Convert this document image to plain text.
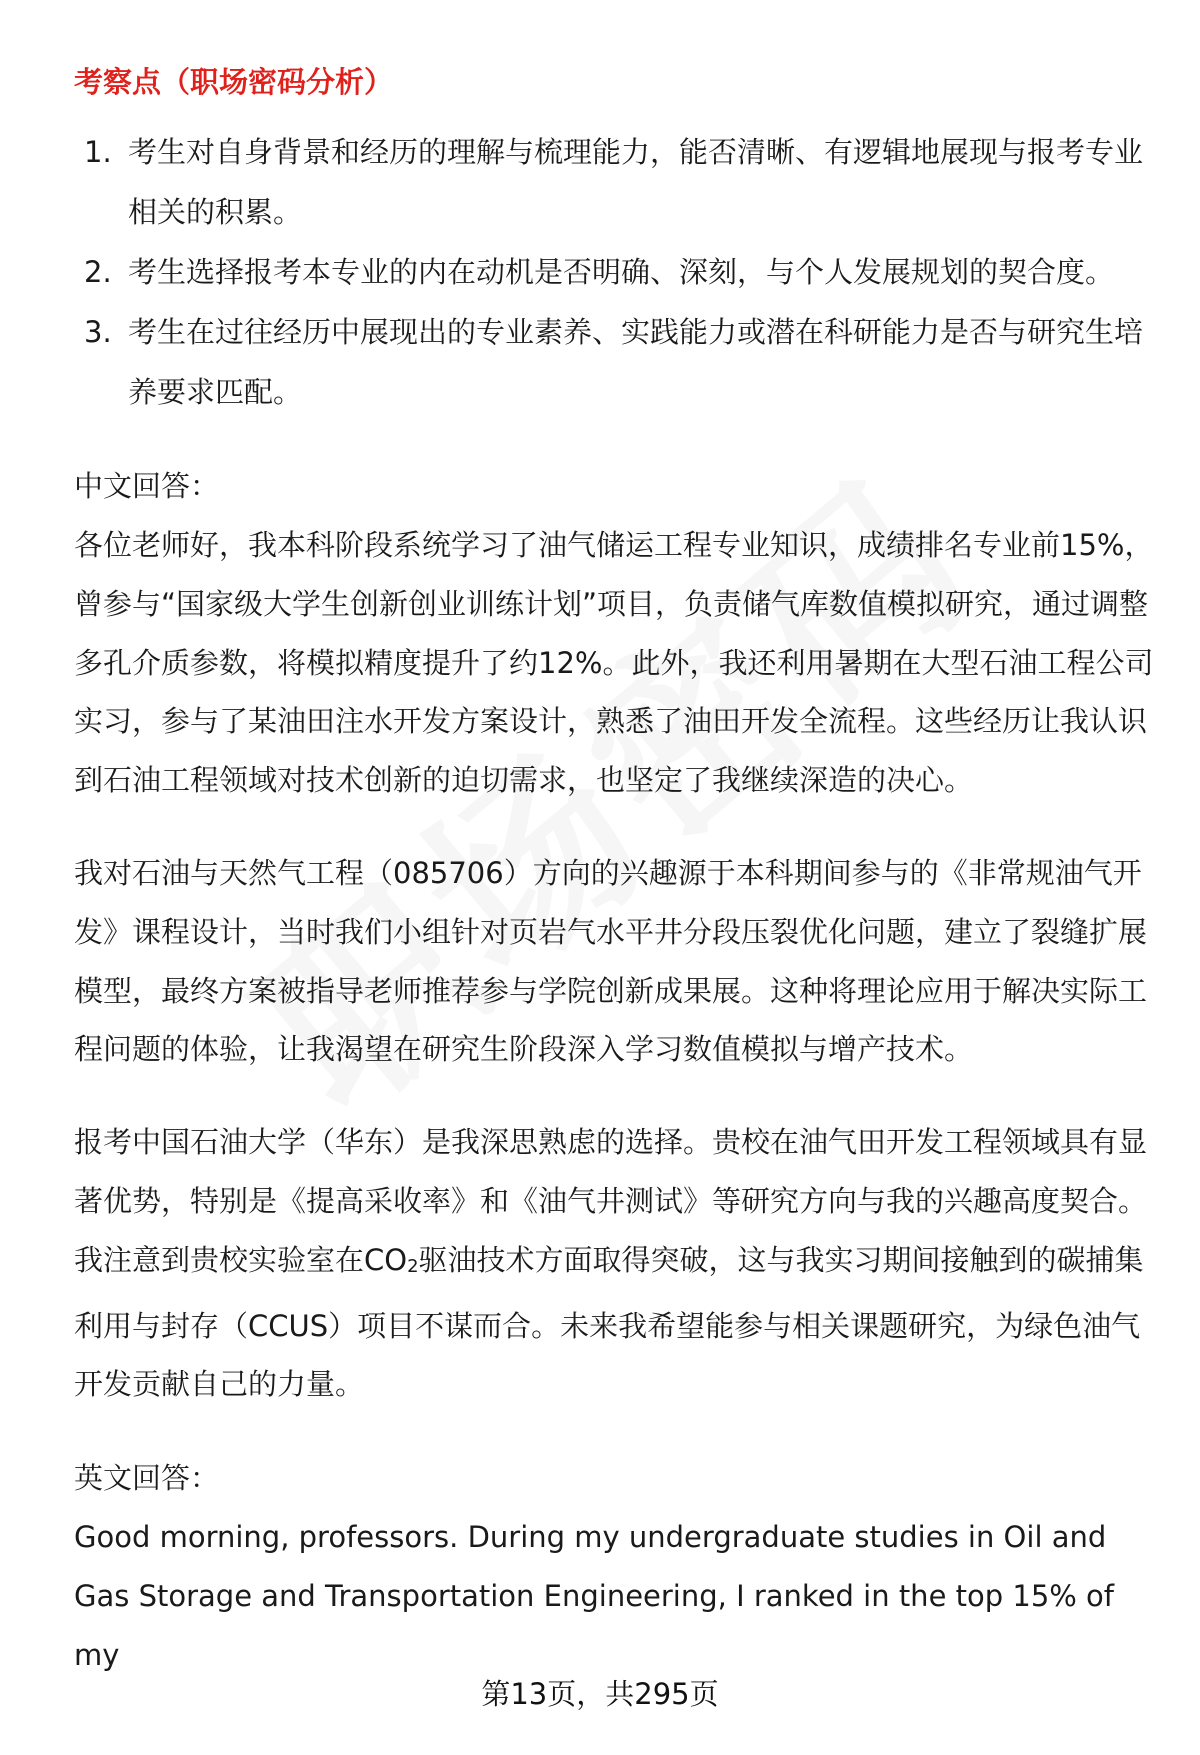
考察点（职场密码分析）
1. 考生对自身背景和经历的理解与梳理能力，能否清晰、有逻辑地展现与报考专业相关的积累。
2. 考生选择报考本专业的内在动机是否明确、深刻，与个人发展规划的契合度。
3. 考生在过往经历中展现出的专业素养、实践能力或潜在科研能力是否与研究生培养要求匹配。
中文回答：

各位老师好，我本科阶段系统学习了油气储运工程专业知识，成绩排名专业前15%，曾参与“国家级大学生创新创业训练计划”项目，负责储气库数值模拟研究，通过调整多孔介质参数，将模拟精度提升了约12%。此外，我还利用暑期在大型石油工程公司实习，参与了某油田注水开发方案设计，熟悉了油田开发全流程。这些经历让我认识到石油工程领域对技术创新的迫切需求，也坚定了我继续深造的决心。

我对石油与天然气工程（085706）方向的兴趣源于本科期间参与的《非常规油气开发》课程设计，当时我们小组针对页岩气水平井分段压裂优化问题，建立了裂缝扩展模型，最终方案被指导老师推荐参与学院创新成果展。这种将理论应用于解决实际工程问题的体验，让我渴望在研究生阶段深入学习数值模拟与增产技术。

报考中国石油大学（华东）是我深思熟虑的选择。贵校在油气田开发工程领域具有显著优势，特别是《提高采收率》和《油气井测试》等研究方向与我的兴趣高度契合。我注意到贵校实验室在CO2驱油技术方面取得突破，这与我实习期间接触到的碳捕集利用与封存（CCUS）项目不谋而合。未来我希望能参与相关课题研究，为绿色油气开发贡献自己的力量。

英文回答：

Good morning, professors. During my undergraduate studies in Oil and Gas Storage and Transportation Engineering, I ranked in the top 15% of my

第13页，共295页
